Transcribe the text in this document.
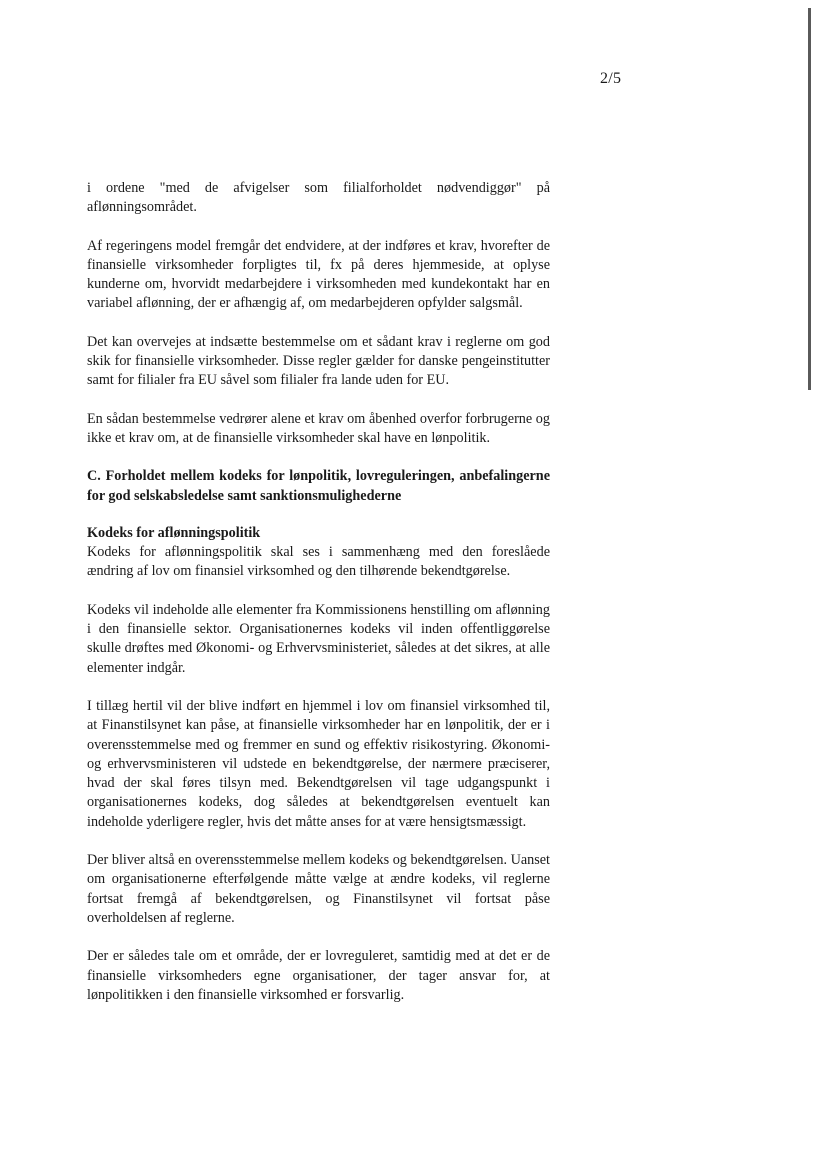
2/5

i ordene "med de afvigelser som filialforholdet nødvendiggør" på aflønningsområdet.

Af regeringens model fremgår det endvidere, at der indføres et krav, hvorefter de finansielle virksomheder forpligtes til, fx på deres hjemmeside, at oplyse kunderne om, hvorvidt medarbejdere i virksomheden med kundekontakt har en variabel aflønning, der er afhængig af, om medarbejderen opfylder salgsmål.

Det kan overvejes at indsætte bestemmelse om et sådant krav i reglerne om god skik for finansielle virksomheder. Disse regler gælder for danske pengeinstitutter samt for filialer fra EU såvel som filialer fra lande uden for EU.

En sådan bestemmelse vedrører alene et krav om åbenhed overfor forbrugerne og ikke et krav om, at de finansielle virksomheder skal have en lønpolitik.

C. Forholdet mellem kodeks for lønpolitik, lovreguleringen, anbefalingerne for god selskabsledelse samt sanktionsmulighederne

Kodeks for aflønningspolitik

Kodeks for aflønningspolitik skal ses i sammenhæng med den foreslåede ændring af lov om finansiel virksomhed og den tilhørende bekendtgørelse.

Kodeks vil indeholde alle elementer fra Kommissionens henstilling om aflønning i den finansielle sektor. Organisationernes kodeks vil inden offentliggørelse skulle drøftes med Økonomi- og Erhvervsministeriet, således at det sikres, at alle elementer indgår.

I tillæg hertil vil der blive indført en hjemmel i lov om finansiel virksomhed til, at Finanstilsynet kan påse, at finansielle virksomheder har en lønpolitik, der er i overensstemmelse med og fremmer en sund og effektiv risikostyring. Økonomi- og erhvervsministeren vil udstede en bekendtgørelse, der nærmere præciserer, hvad der skal føres tilsyn med. Bekendtgørelsen vil tage udgangspunkt i organisationernes kodeks, dog således at bekendtgørelsen eventuelt kan indeholde yderligere regler, hvis det måtte anses for at være hensigtsmæssigt.

Der bliver altså en overensstemmelse mellem kodeks og bekendtgørelsen. Uanset om organisationerne efterfølgende måtte vælge at ændre kodeks, vil reglerne fortsat fremgå af bekendtgørelsen, og Finanstilsynet vil fortsat påse overholdelsen af reglerne.

Der er således tale om et område, der er lovreguleret, samtidig med at det er de finansielle virksomheders egne organisationer, der tager ansvar for, at lønpolitikken i den finansielle virksomhed er forsvarlig.
